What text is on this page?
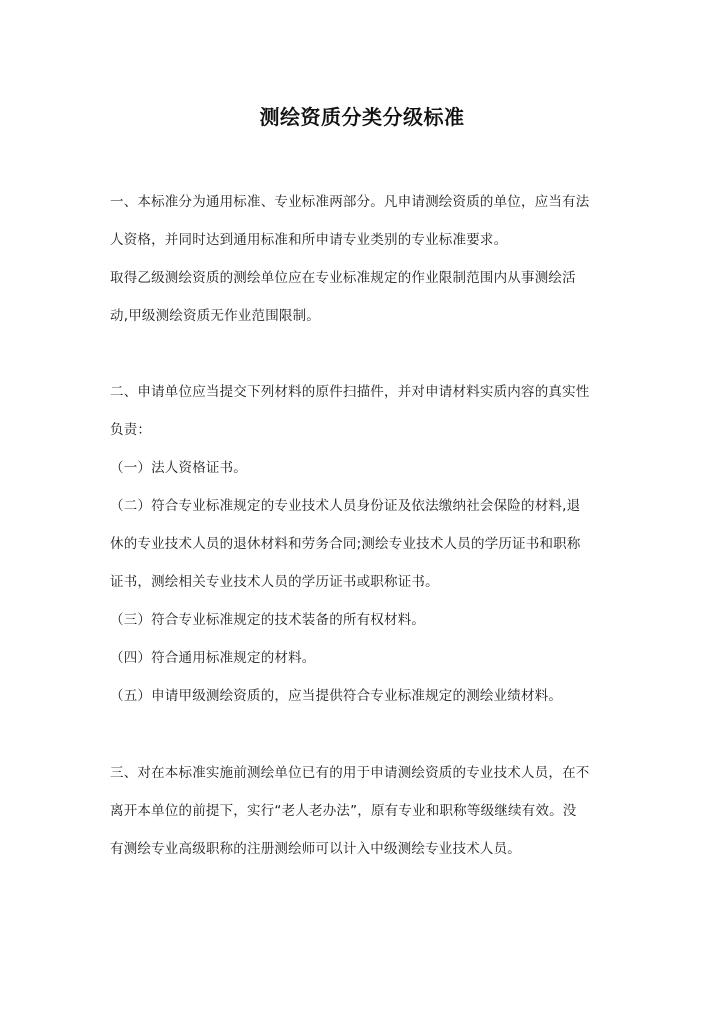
测绘资质分类分级标准
一、本标准分为通用标准、专业标准两部分。凡申请测绘资质的单位，应当有法
人资格，并同时达到通用标准和所申请专业类别的专业标准要求。
取得乙级测绘资质的测绘单位应在专业标准规定的作业限制范围内从事测绘活
动,甲级测绘资质无作业范围限制。
二、申请单位应当提交下列材料的原件扫描件，并对申请材料实质内容的真实性
负责：
（一）法人资格证书。
（二）符合专业标准规定的专业技术人员身份证及依法缴纳社会保险的材料,退
休的专业技术人员的退休材料和劳务合同;测绘专业技术人员的学历证书和职称
证书，测绘相关专业技术人员的学历证书或职称证书。
（三）符合专业标准规定的技术装备的所有权材料。
（四）符合通用标准规定的材料。
（五）申请甲级测绘资质的，应当提供符合专业标准规定的测绘业绩材料。
三、对在本标准实施前测绘单位已有的用于申请测绘资质的专业技术人员，在不
离开本单位的前提下，实行“老人老办法”，原有专业和职称等级继续有效。没
有测绘专业高级职称的注册测绘师可以计入中级测绘专业技术人员。
